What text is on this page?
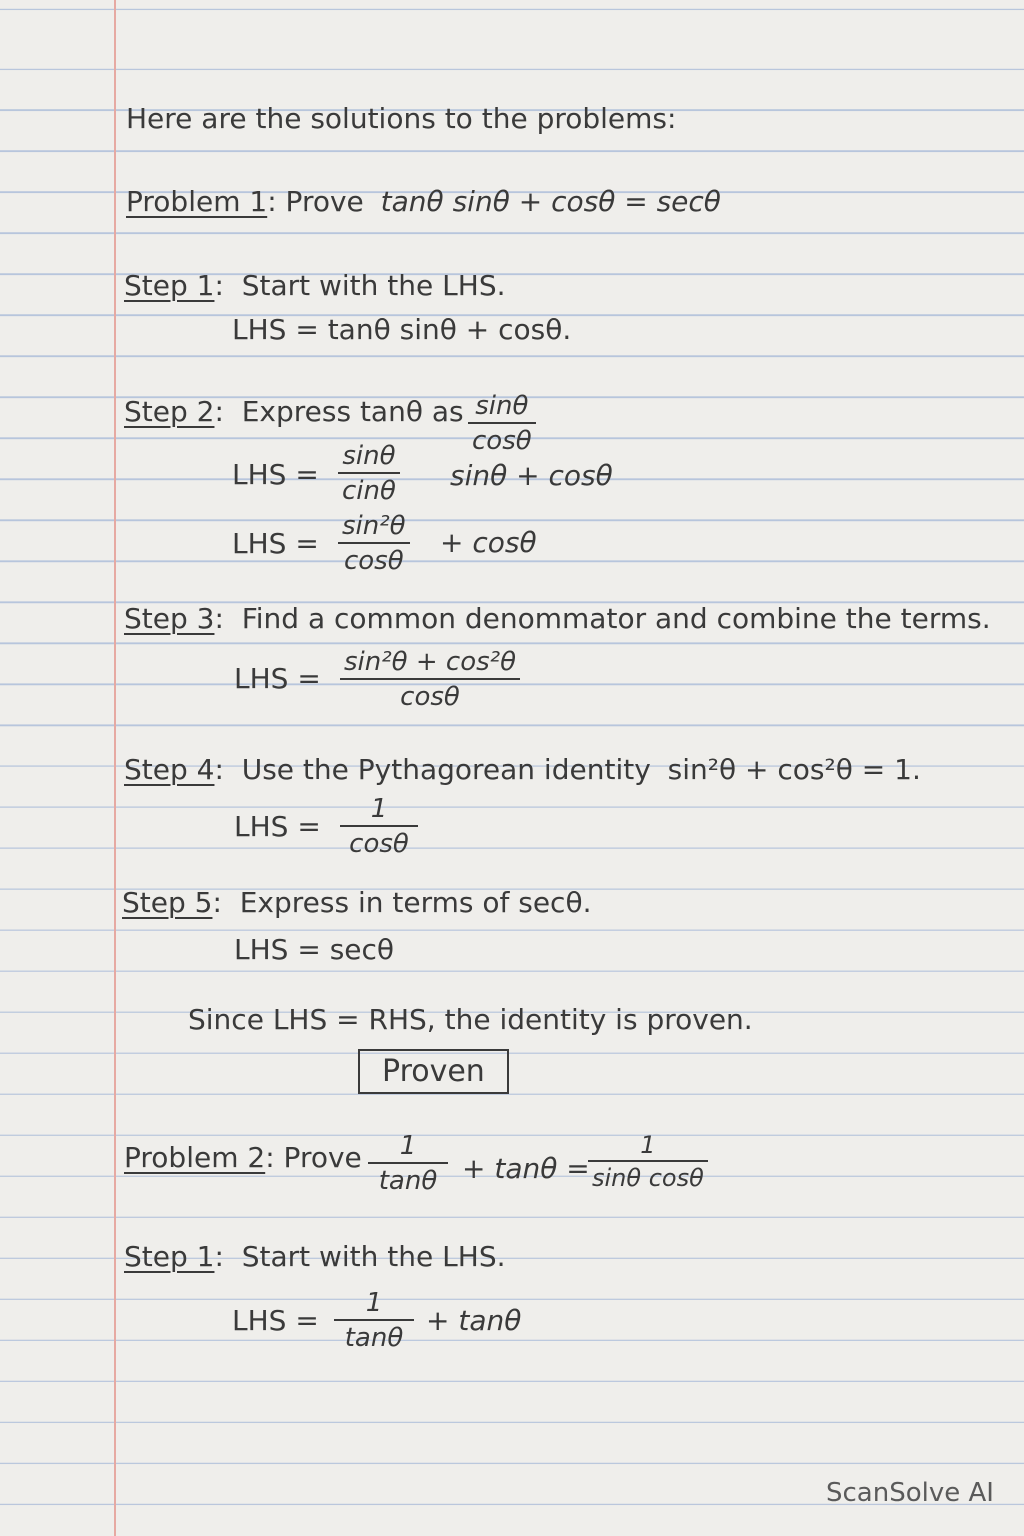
Here are the solutions to the problems:
Problem 1: Prove tanθ sinθ + cosθ = secθ
Step 1:  Start with the LHS.
LHS = tanθ sinθ + cosθ.
Step 2:  Express tanθ as sinθ
cosθ
LHS =
sinθ
cinθ sinθ + cosθ
LHS =
sin²θ
cosθ
+ cosθ
Step 3:  Find a common denommator and combine the terms.
LHS = sin²θ + cos²θ
cosθ
Step 4:  Use the Pythagorean identity sin²θ + cos²θ = 1.
LHS =
1
cosθ
Step 5:  Express in terms of secθ.
LHS = secθ
Since LHS = RHS, the identity is proven.
Proven
Problem 2: Prove 1
tanθ + tanθ =
1
sinθ cosθ
Step 1:  Start with the LHS.
LHS =
1
tanθ
+ tanθ
ScanSolve AI
